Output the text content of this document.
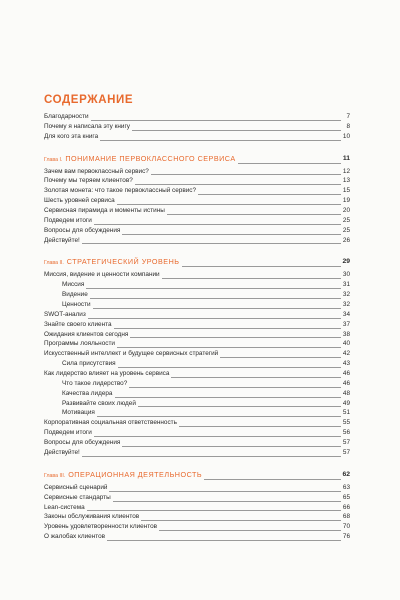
СОДЕРЖАНИЕ
Благодарности	7
Почему я написала эту книгу	8
Для кого эта книга	10
Глава I. ПОНИМАНИЕ ПЕРВОКЛАССНОГО СЕРВИСА	11
Зачем вам первоклассный сервис?	12
Почему мы теряем клиентов?	13
Золотая монета: что такое первоклассный сервис?	15
Шесть уровней сервиса	19
Сервисная пирамида и моменты истины	20
Подведем итоги	25
Вопросы для обсуждения	25
Действуйте!	26
Глава II. СТРАТЕГИЧЕСКИЙ УРОВЕНЬ	29
Миссия, видение и ценности компании	30
Миссия	31
Видение	32
Ценности	32
SWOT-анализ	34
Знайте своего клиента	37
Ожидания клиентов сегодня	38
Программы лояльности	40
Искусственный интеллект и будущее сервисных стратегий	42
Сила присутствия	43
Как лидерство влияет на уровень сервиса	46
Что такое лидерство?	46
Качества лидера	48
Развивайте своих людей	49
Мотивация	51
Корпоративная социальная ответственность	55
Подведем итоги	56
Вопросы для обсуждения	57
Действуйте!	57
Глава III. ОПЕРАЦИОННАЯ ДЕЯТЕЛЬНОСТЬ	62
Сервисный сценарий	63
Сервисные стандарты	65
Lean-система	66
Законы обслуживания клиентов	68
Уровень удовлетворенности клиентов	70
О жалобах клиентов	76
